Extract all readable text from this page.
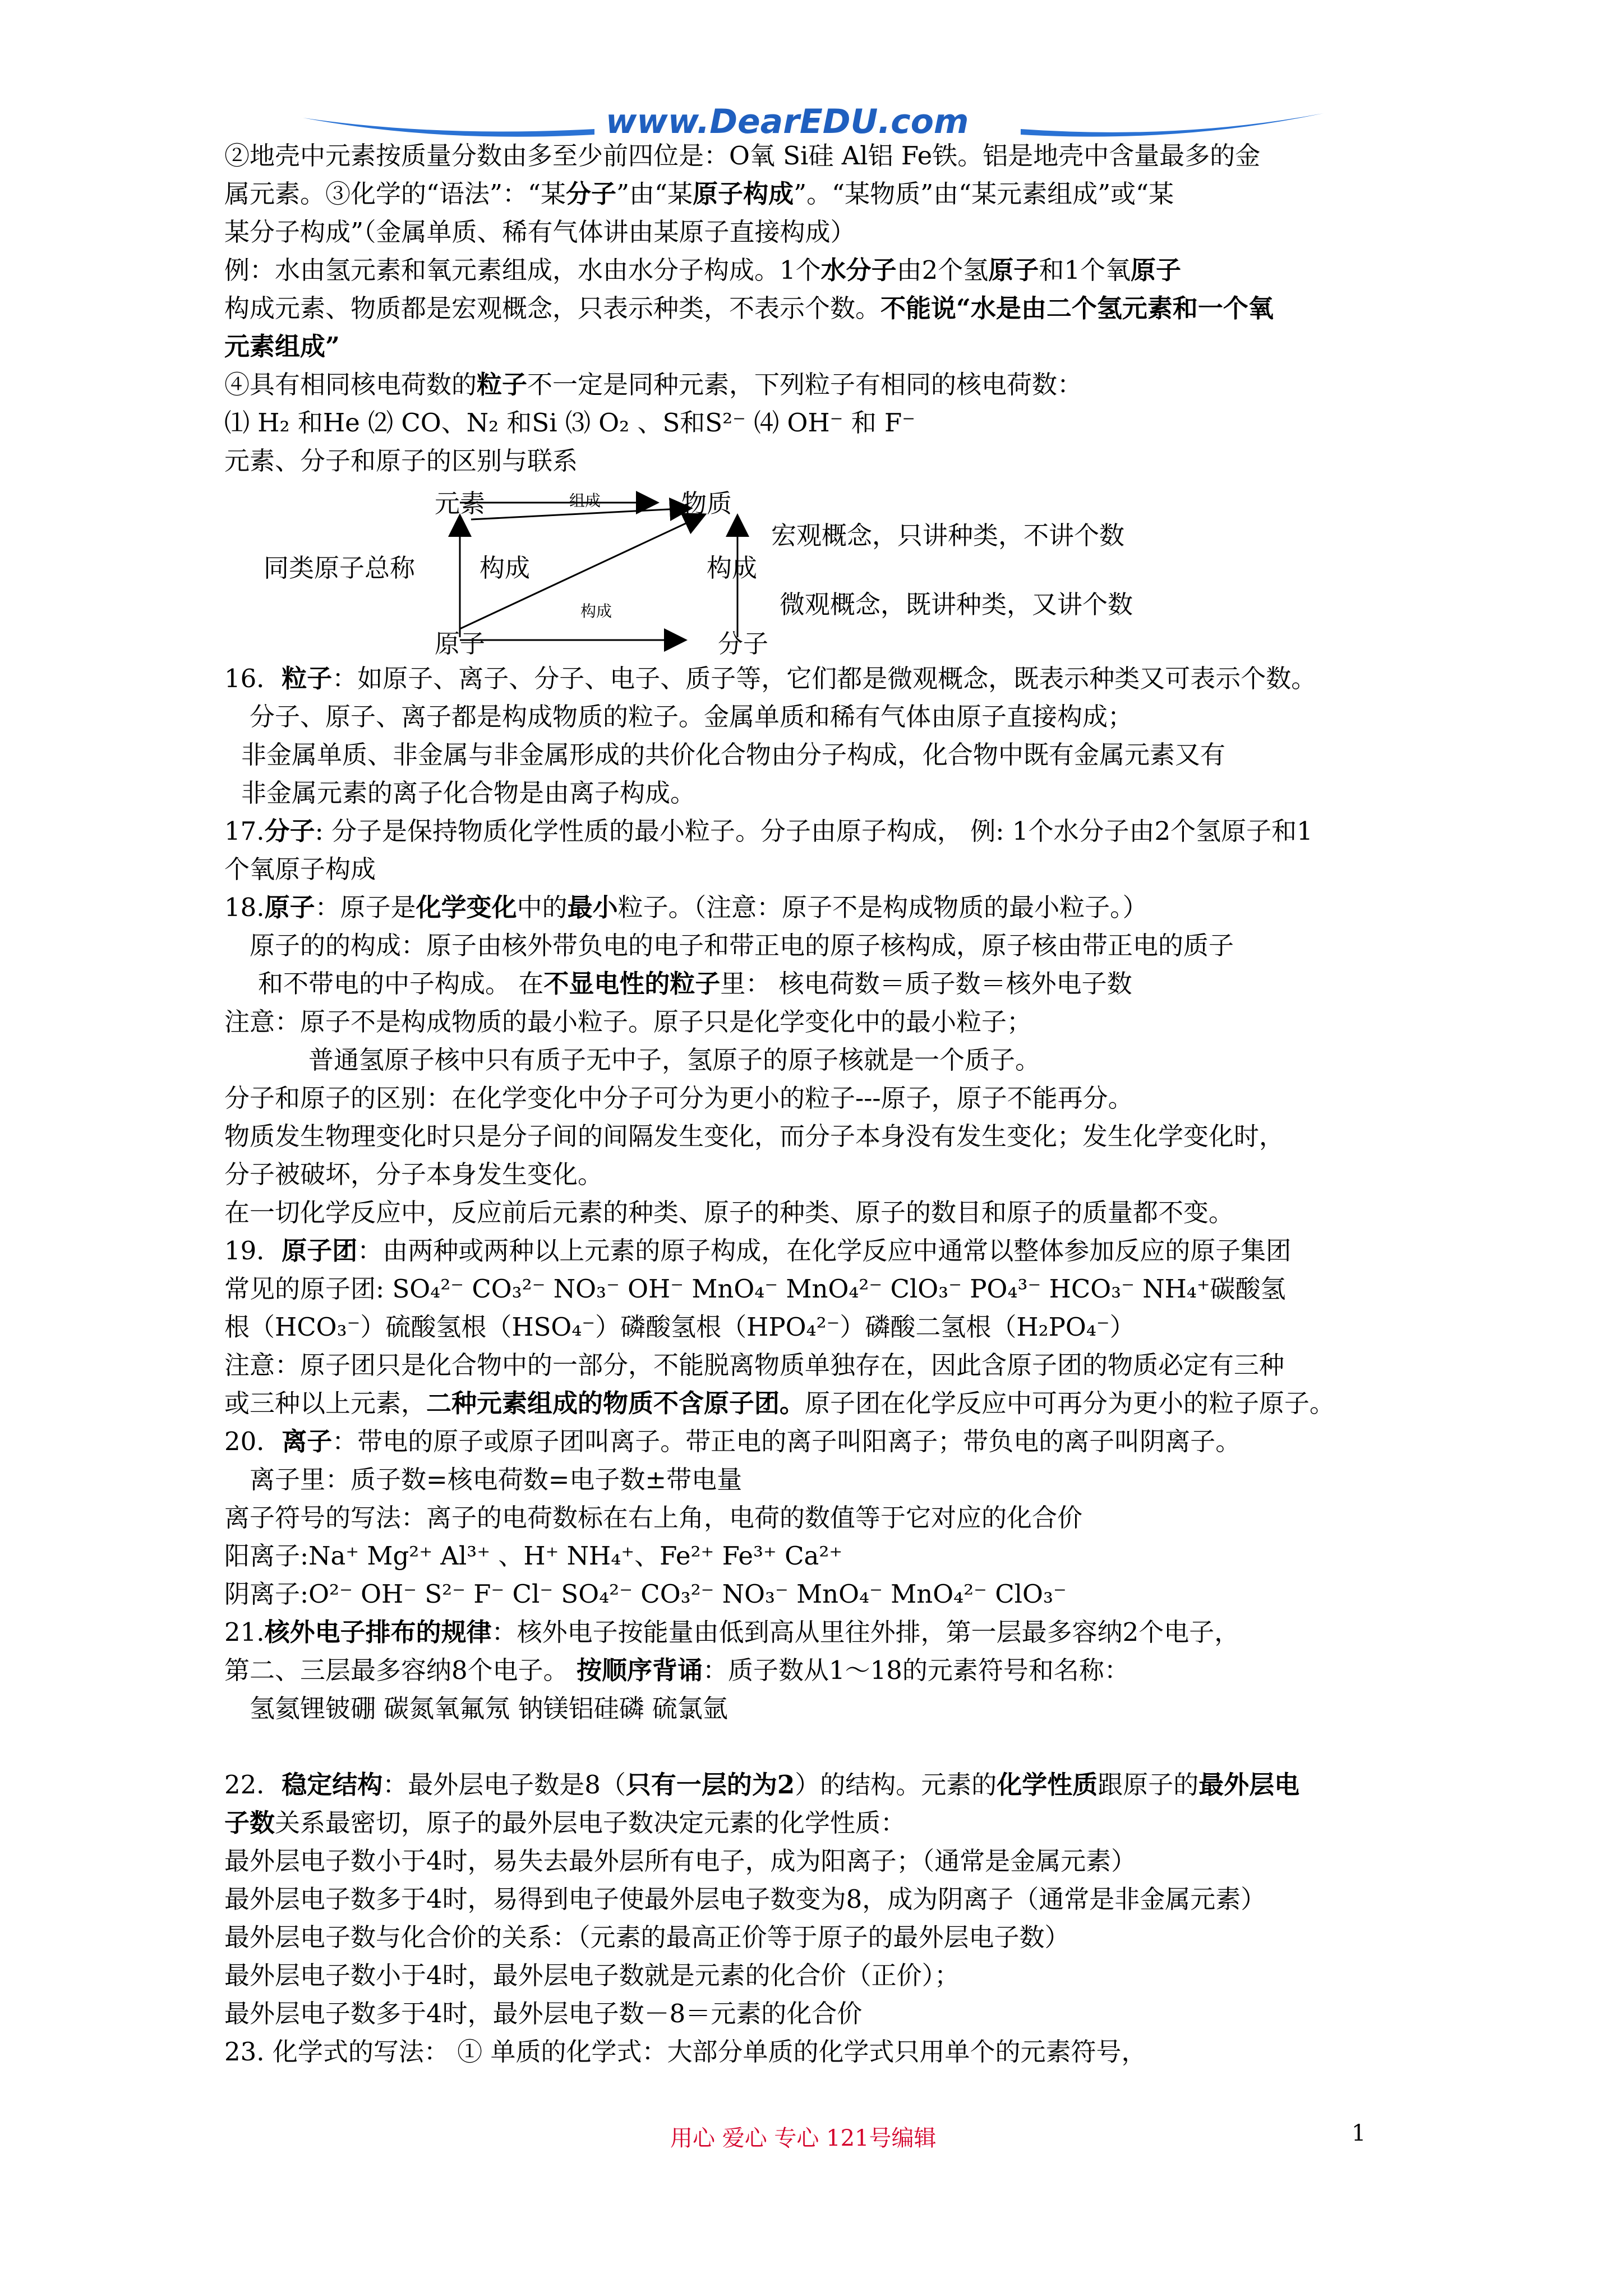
www.DearEDU.com
②地壳中元素按质量分数由多至少前四位是：O氧 Si硅 Al铝 Fe铁。铝是地壳中含量最多的金
属元素。③化学的“语法”：“某分子”由“某原子构成”。“某物质”由“某元素组成”或“某
某分子构成”（金属单质、稀有气体讲由某原子直接构成）
例：水由氢元素和氧元素组成，水由水分子构成。1个水分子由2个氢原子和1个氧原子
构成元素、物质都是宏观概念，只表示种类，不表示个数。不能说“水是由二个氢元素和一个氧
元素组成”
④具有相同核电荷数的粒子不一定是同种元素，下列粒子有相同的核电荷数：
⑴ H₂ 和He ⑵ CO、N₂ 和Si ⑶ O₂ 、S和S²⁻ ⑷ OH⁻ 和 F⁻
元素、分子和原子的区别与联系
元素	物质
组成
宏观概念，只讲种类，不讲个数
同类原子总称	构成	构成
微观概念，既讲种类，又讲个数
构成
原子	分子
16．粒子：如原子、离子、分子、电子、质子等，它们都是微观概念，既表示种类又可表示个数。
分子、原子、离子都是构成物质的粒子。金属单质和稀有气体由原子直接构成；
非金属单质、非金属与非金属形成的共价化合物由分子构成，化合物中既有金属元素又有
非金属元素的离子化合物是由离子构成。
17.分子: 分子是保持物质化学性质的最小粒子。分子由原子构成， 例: 1个水分子由2个氢原子和1
个氧原子构成
18.原子：原子是化学变化中的最小粒子。（注意：原子不是构成物质的最小粒子。）
原子的的构成：原子由核外带负电的电子和带正电的原子核构成，原子核由带正电的质子
和不带电的中子构成。 在不显电性的粒子里： 核电荷数＝质子数＝核外电子数
注意：原子不是构成物质的最小粒子。原子只是化学变化中的最小粒子；
普通氢原子核中只有质子无中子，氢原子的原子核就是一个质子。
分子和原子的区别：在化学变化中分子可分为更小的粒子---原子，原子不能再分。
物质发生物理变化时只是分子间的间隔发生变化，而分子本身没有发生变化；发生化学变化时，
分子被破坏，分子本身发生变化。
在一切化学反应中，反应前后元素的种类、原子的种类、原子的数目和原子的质量都不变。
19．原子团：由两种或两种以上元素的原子构成，在化学反应中通常以整体参加反应的原子集团
常见的原子团: SO₄²⁻ CO₃²⁻ NO₃⁻ OH⁻ MnO₄⁻ MnO₄²⁻ ClO₃⁻ PO₄³⁻ HCO₃⁻ NH₄⁺碳酸氢
根（HCO₃⁻）硫酸氢根（HSO₄⁻）磷酸氢根（HPO₄²⁻）磷酸二氢根（H₂PO₄⁻）
注意：原子团只是化合物中的一部分，不能脱离物质单独存在，因此含原子团的物质必定有三种
或三种以上元素，二种元素组成的物质不含原子团。原子团在化学反应中可再分为更小的粒子原子。
20．离子：带电的原子或原子团叫离子。带正电的离子叫阳离子；带负电的离子叫阴离子。
离子里：质子数=核电荷数=电子数±带电量
离子符号的写法：离子的电荷数标在右上角，电荷的数值等于它对应的化合价
阳离子:Na⁺ Mg²⁺ Al³⁺ 、H⁺ NH₄⁺、Fe²⁺ Fe³⁺ Ca²⁺
阴离子:O²⁻ OH⁻ S²⁻ F⁻ Cl⁻ SO₄²⁻ CO₃²⁻ NO₃⁻ MnO₄⁻ MnO₄²⁻ ClO₃⁻
21.核外电子排布的规律：核外电子按能量由低到高从里往外排，第一层最多容纳2个电子，
第二、三层最多容纳8个电子。 按顺序背诵：质子数从1～18的元素符号和名称：
氢氦锂铍硼 碳氮氧氟氖 钠镁铝硅磷 硫氯氩

22．稳定结构：最外层电子数是8（只有一层的为2）的结构。元素的化学性质跟原子的最外层电
子数关系最密切，原子的最外层电子数决定元素的化学性质：
最外层电子数小于4时，易失去最外层所有电子，成为阳离子；（通常是金属元素）
最外层电子数多于4时，易得到电子使最外层电子数变为8，成为阴离子（通常是非金属元素）
最外层电子数与化合价的关系：（元素的最高正价等于原子的最外层电子数）
最外层电子数小于4时，最外层电子数就是元素的化合价（正价）；
最外层电子数多于4时，最外层电子数－8＝元素的化合价
23. 化学式的写法： ① 单质的化学式：大部分单质的化学式只用单个的元素符号，
用心 爱心 专心 121号编辑	1
